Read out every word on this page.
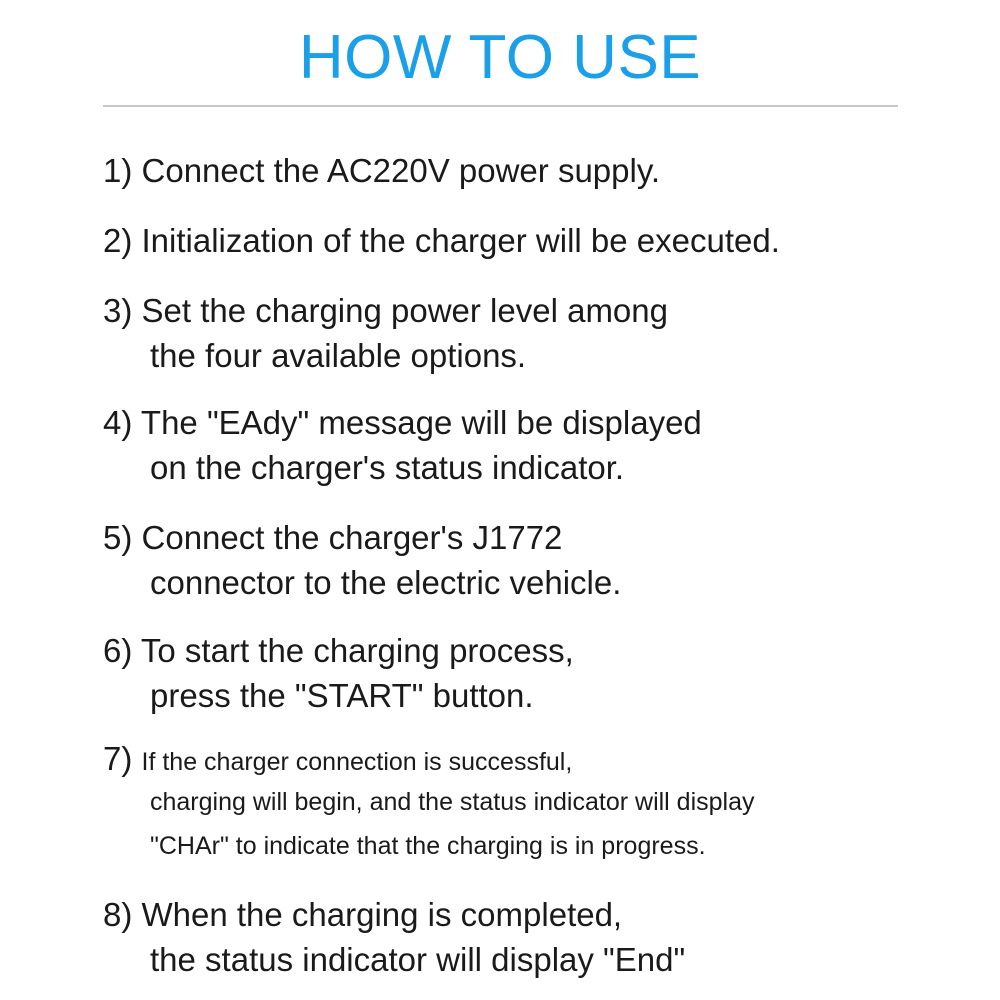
HOW TO USE
1) Connect the AC220V power supply.
2) Initialization of the charger will be executed.
3) Set the charging power level among
the four available options.
4) The "EAdy" message will be displayed
on the charger's status indicator.
5) Connect the charger's J1772
connector to the electric vehicle.
6) To start the charging process,
press the "START" button.
7) If the charger connection is successful,
charging will begin, and the status indicator will display
"CHAr" to indicate that the charging is in progress.
8) When the charging is completed,
the status indicator will display "End"
